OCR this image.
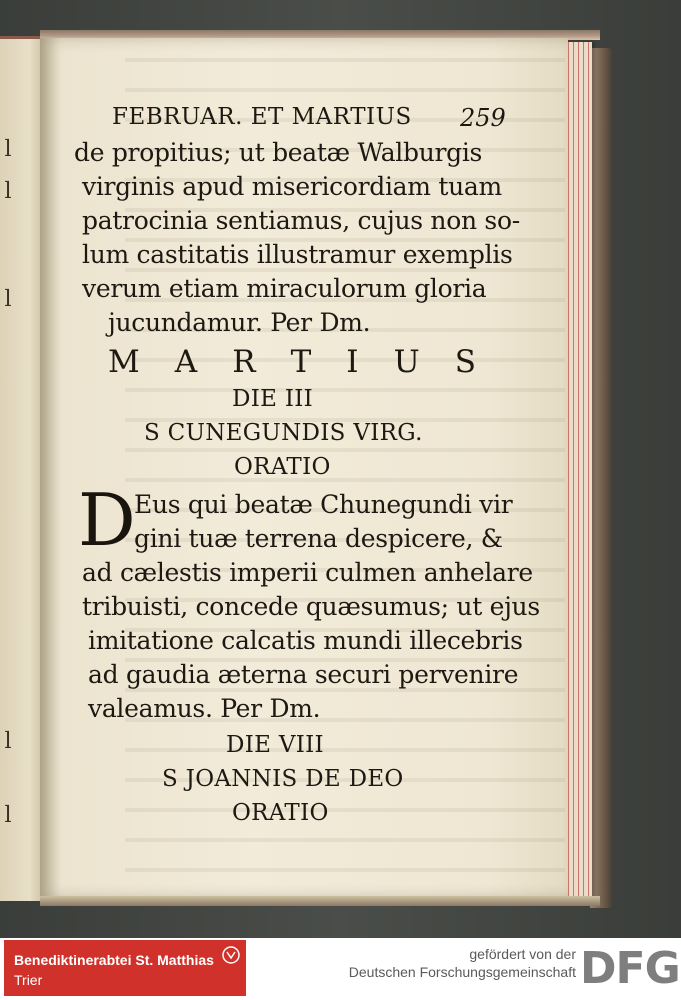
l
l
l
l
l
FEBRUAR. ET MARTIUS 259
de propitius; ut beatæ Walburgis
virginis apud misericordiam tuam
patrocinia sentiamus, cujus non so-
lum castitatis illustramur exemplis
verum etiam miraculorum gloria
jucundamur. Per Dm.
M A R T I U S
DIE III
S CUNEGUNDIS VIRG.
ORATIO
D
Eus qui beatæ Chunegundi vir
gini tuæ terrena despicere, &
ad cælestis imperii culmen anhelare
tribuisti, concede quæsumus; ut ejus
imitatione calcatis mundi illecebris
ad gaudia æterna securi pervenire
valeamus. Per Dm.
DIE VIII
S JOANNIS DE DEO
ORATIO
Benediktinerabtei St. Matthias
Trier
gefördert von der
Deutschen Forschungsgemeinschaft DFG
